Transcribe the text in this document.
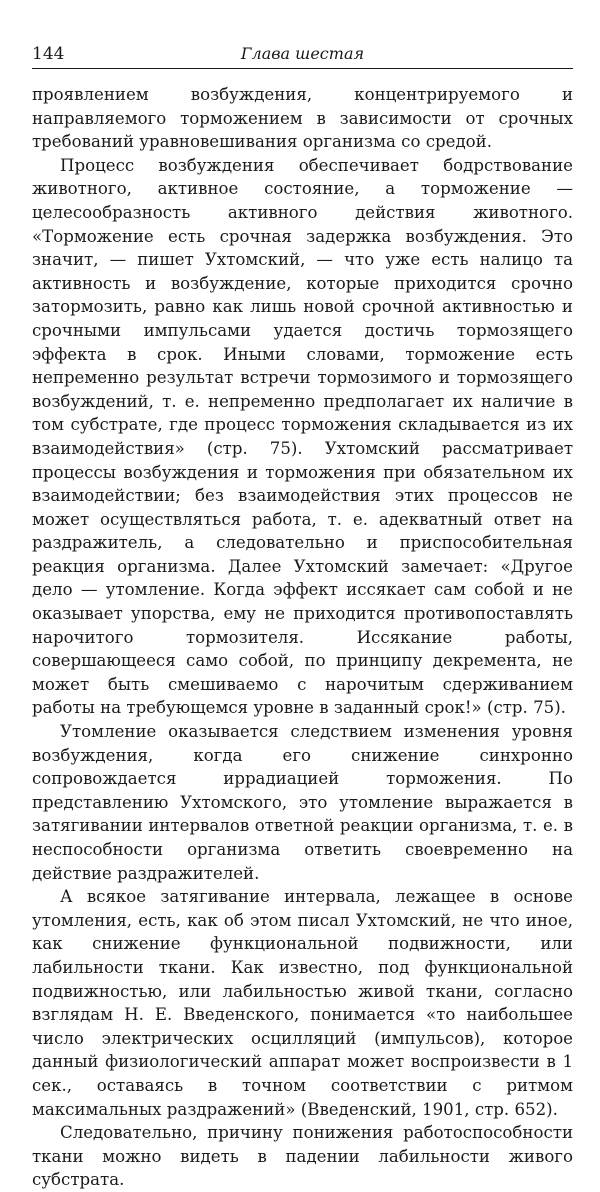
144	Глава шестая

проявлением возбуждения, концентрируемого и направляемого торможением в зависимости от срочных требований уравновешивания организма со средой.

Процесс возбуждения обеспечивает бодрствование животного, активное состояние, а торможение — целесообразность активного действия животного. «Торможение есть срочная задержка возбуждения. Это значит, — пишет Ухтомский, — что уже есть налицо та активность и возбуждение, которые приходится срочно затормозить, равно как лишь новой срочной активностью и срочными импульсами удается достичь тормозящего эффекта в срок. Иными словами, торможение есть непременно результат встречи тормозимого и тормозящего возбуждений, т. е. непременно предполагает их наличие в том субстрате, где процесс торможения складывается из их взаимодействия» (стр. 75). Ухтомский рассматривает процессы возбуждения и торможения при обязательном их взаимодействии; без взаимодействия этих процессов не может осуществляться работа, т. е. адекватный ответ на раздражитель, а следовательно и приспособительная реакция организма. Далее Ухтомский замечает: «Другое дело — утомление. Когда эффект иссякает сам собой и не оказывает упорства, ему не приходится противопоставлять нарочитого тормозителя. Иссякание работы, совершающееся само собой, по принципу декремента, не может быть смешиваемо с нарочитым сдерживанием работы на требующемся уровне в заданный срок!» (стр. 75).

Утомление оказывается следствием изменения уровня возбуждения, когда его снижение синхронно сопровождается иррадиацией торможения. По представлению Ухтомского, это утомление выражается в затягивании интервалов ответной реакции организма, т. е. в неспособности организма ответить своевременно на действие раздражителей.

А всякое затягивание интервала, лежащее в основе утомления, есть, как об этом писал Ухтомский, не что иное, как снижение функциональной подвижности, или лабильности ткани. Как известно, под функциональной подвижностью, или лабильностью живой ткани, согласно взглядам Н. Е. Введенского, понимается «то наибольшее число электрических осцилляций (импульсов), которое данный физиологический аппарат может воспроизвести в 1 сек., оставаясь в точном соответствии с ритмом максимальных раздражений» (Введенский, 1901, стр. 652).

Следовательно, причину понижения работоспособности ткани можно видеть в падении лабильности живого субстрата.
